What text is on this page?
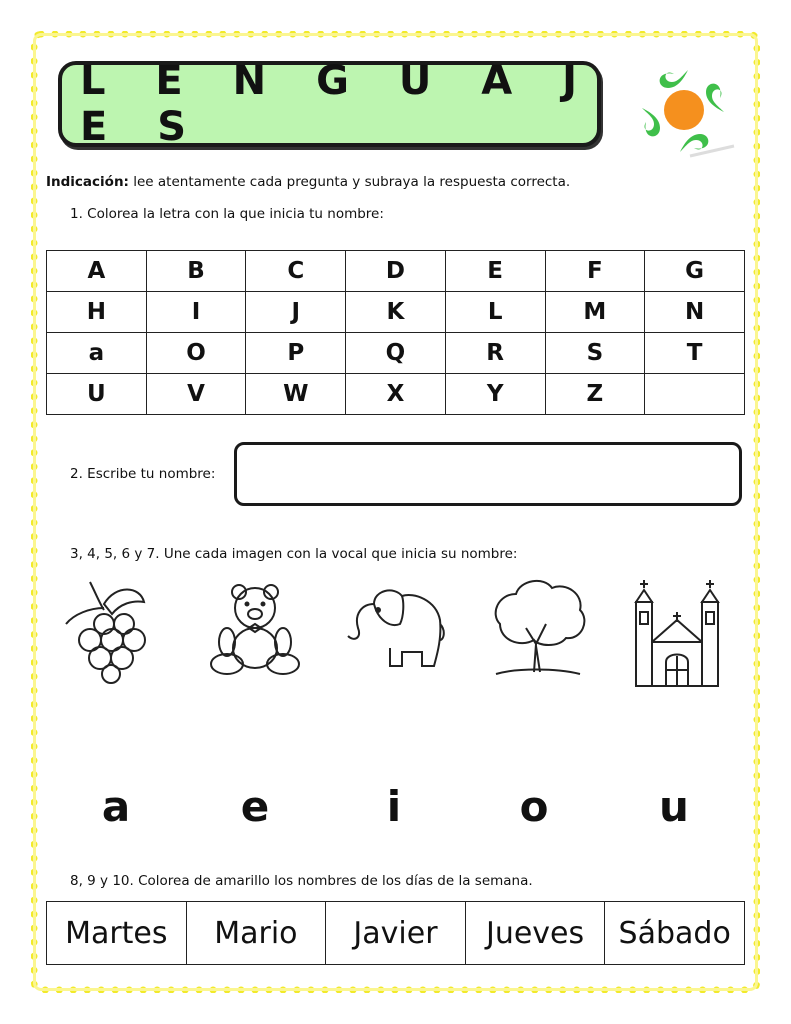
L E N G U A J E S
Indicación: lee atentamente cada pregunta y subraya la respuesta correcta.
1. Colorea la letra con la que inicia tu nombre:
A	B	C	D	E	F	G
H	I	J	K	L	M	N
a	O	P	Q	R	S	T
U	V	W	X	Y	Z	
2. Escribe tu nombre:
3, 4, 5, 6 y 7. Une cada imagen con la vocal que inicia su nombre:
a	e	i	o	u
8, 9 y 10. Colorea de amarillo los nombres de los días de la semana.
Martes	Mario	Javier	Jueves	Sábado
